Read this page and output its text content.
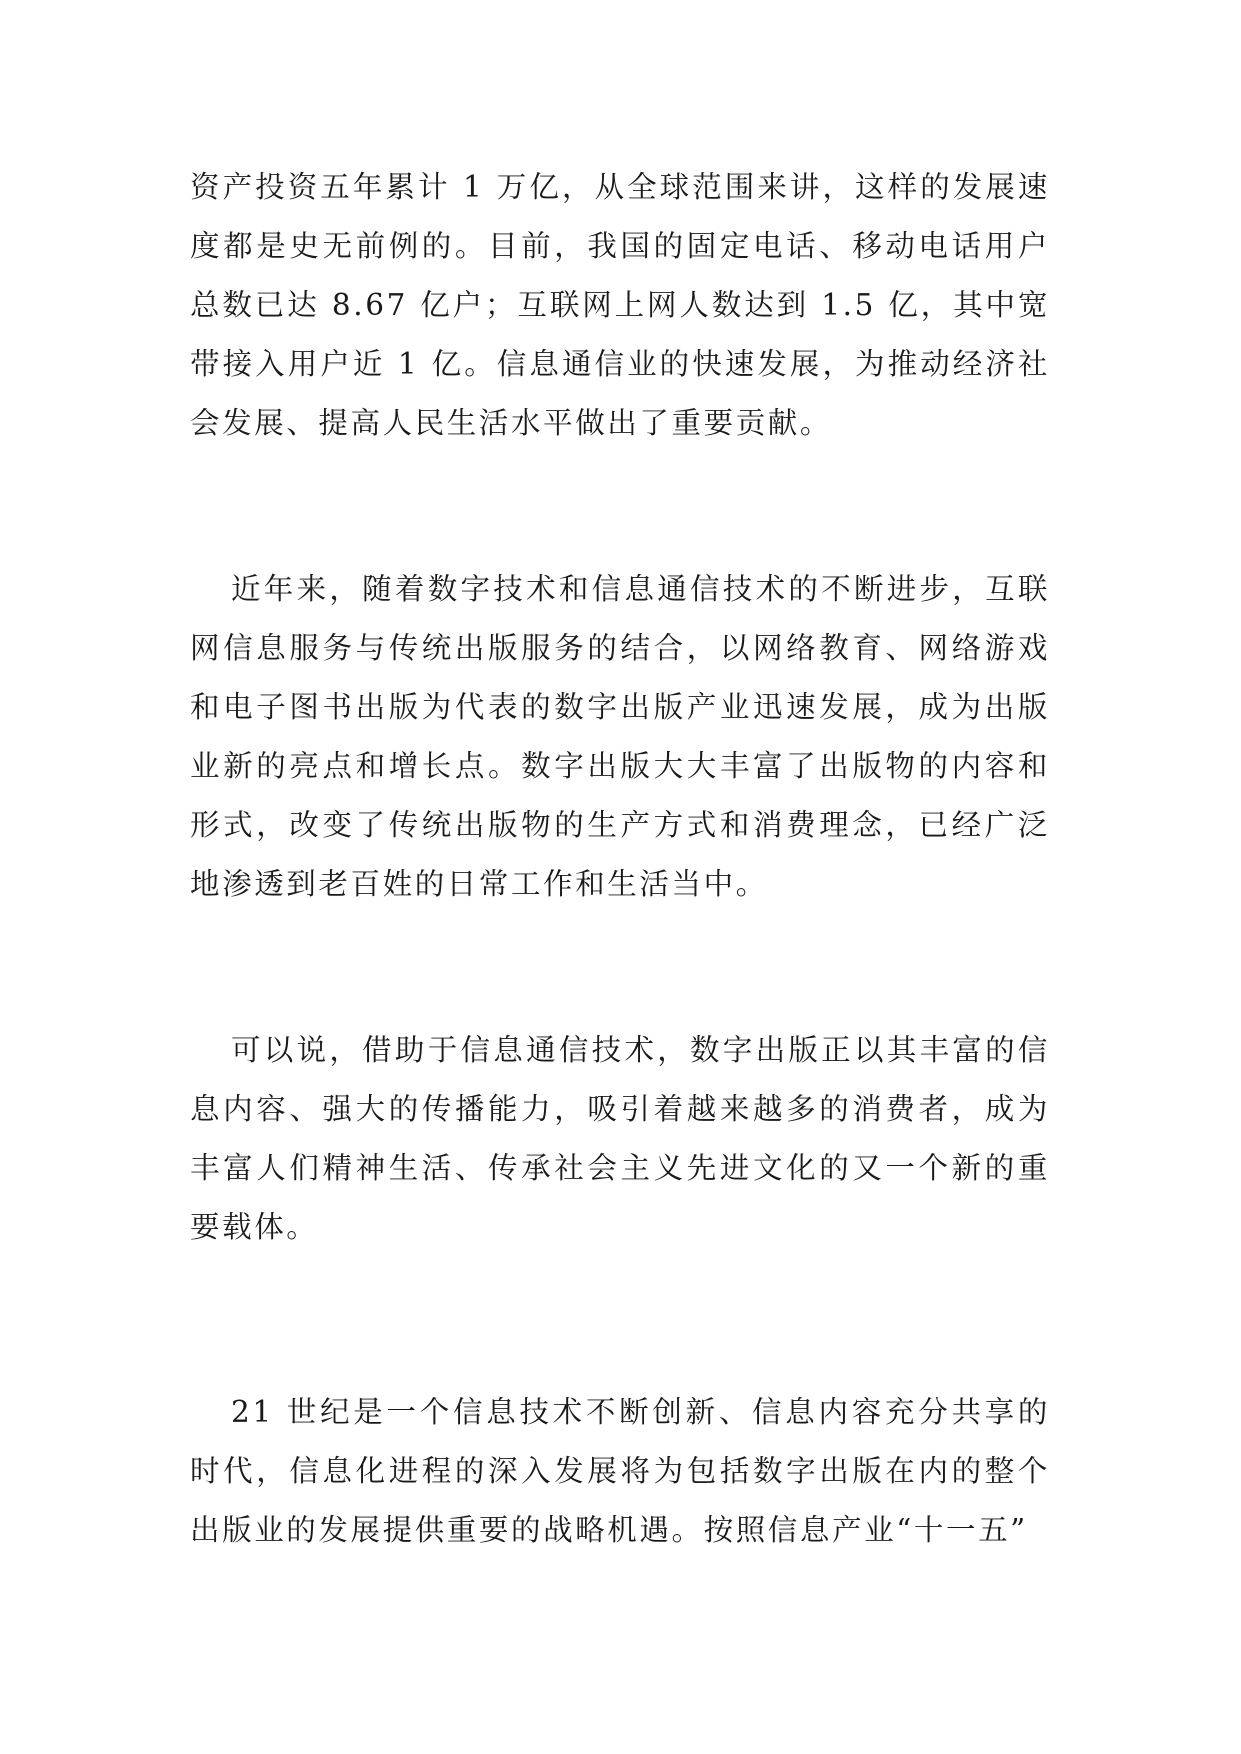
资产投资五年累计 1 万亿，从全球范围来讲，这样的发展速度都是史无前例的。目前，我国的固定电话、移动电话用户总数已达 8.67 亿户；互联网上网人数达到 1.5 亿，其中宽带接入用户近 1 亿。信息通信业的快速发展，为推动经济社会发展、提高人民生活水平做出了重要贡献。

近年来，随着数字技术和信息通信技术的不断进步，互联网信息服务与传统出版服务的结合，以网络教育、网络游戏和电子图书出版为代表的数字出版产业迅速发展，成为出版业新的亮点和增长点。数字出版大大丰富了出版物的内容和形式，改变了传统出版物的生产方式和消费理念，已经广泛地渗透到老百姓的日常工作和生活当中。

可以说，借助于信息通信技术，数字出版正以其丰富的信息内容、强大的传播能力，吸引着越来越多的消费者，成为丰富人们精神生活、传承社会主义先进文化的又一个新的重要载体。

21 世纪是一个信息技术不断创新、信息内容充分共享的时代，信息化进程的深入发展将为包括数字出版在内的整个出版业的发展提供重要的战略机遇。按照信息产业“十一五”
